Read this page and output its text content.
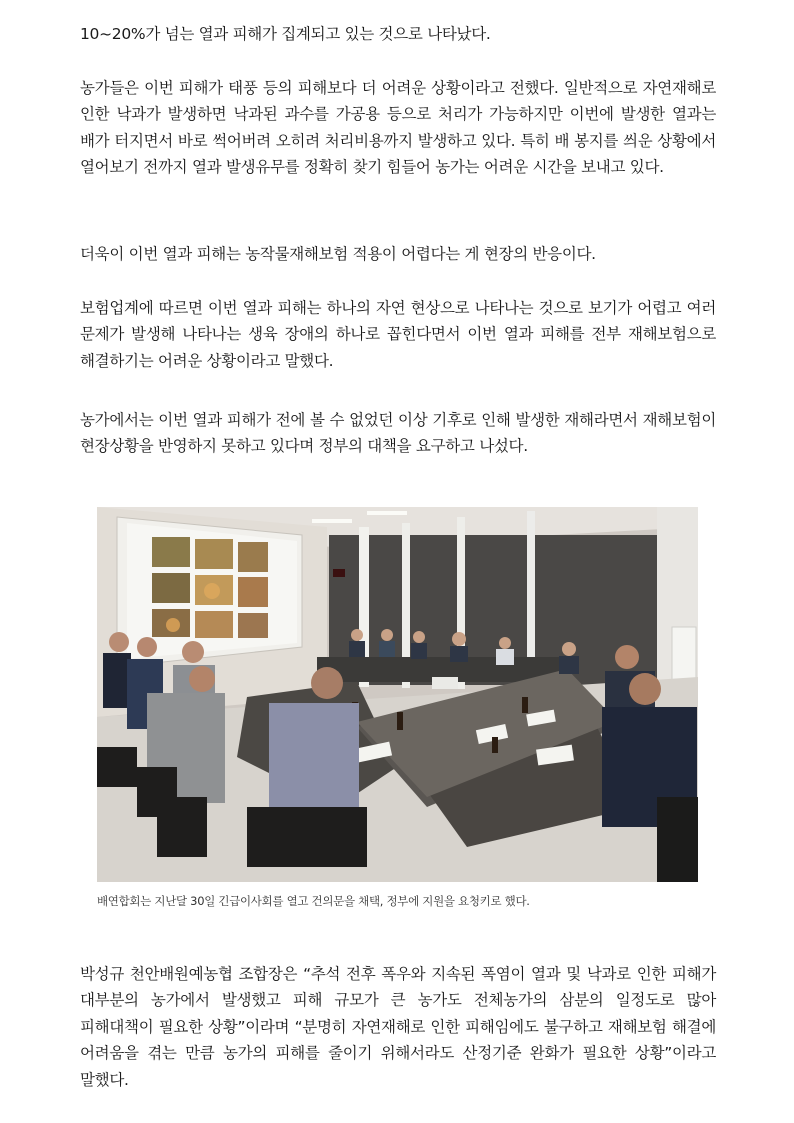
10~20%가 넘는 열과 피해가 집계되고 있는 것으로 나타났다.

농가들은 이번 피해가 태풍 등의 피해보다 더 어려운 상황이라고 전했다. 일반적으로 자연재해로 인한 낙과가 발생하면 낙과된 과수를 가공용 등으로 처리가 가능하지만 이번에 발생한 열과는 배가 터지면서 바로 썩어버려 오히려 처리비용까지 발생하고 있다. 특히 배 봉지를 씌운 상황에서 열어보기 전까지 열과 발생유무를 정확히 찾기 힘들어 농가는 어려운 시간을 보내고 있다.

더욱이 이번 열과 피해는 농작물재해보험 적용이 어렵다는 게 현장의 반응이다.

보험업계에 따르면 이번 열과 피해는 하나의 자연 현상으로 나타나는 것으로 보기가 어렵고 여러 문제가 발생해 나타나는 생육 장애의 하나로 꼽힌다면서 이번 열과 피해를 전부 재해보험으로 해결하기는 어려운 상황이라고 말했다.

농가에서는 이번 열과 피해가 전에 볼 수 없었던 이상 기후로 인해 발생한 재해라면서 재해보험이 현장상황을 반영하지 못하고 있다며 정부의 대책을 요구하고 나섰다.

배연합회는 지난달 30일 긴급이사회를 열고 건의문을 채택, 정부에 지원을 요청키로 했다.

박성규 천안배원예농협 조합장은 “추석 전후 폭우와 지속된 폭염이 열과 및 낙과로 인한 피해가 대부분의 농가에서 발생했고 피해 규모가 큰 농가도 전체농가의 삼분의 일정도로 많아 피해대책이 필요한 상황”이라며 “분명히 자연재해로 인한 피해임에도 불구하고 재해보험 해결에 어려움을 겪는 만큼 농가의 피해를 줄이기 위해서라도 산정기준 완화가 필요한 상황”이라고 말했다.
